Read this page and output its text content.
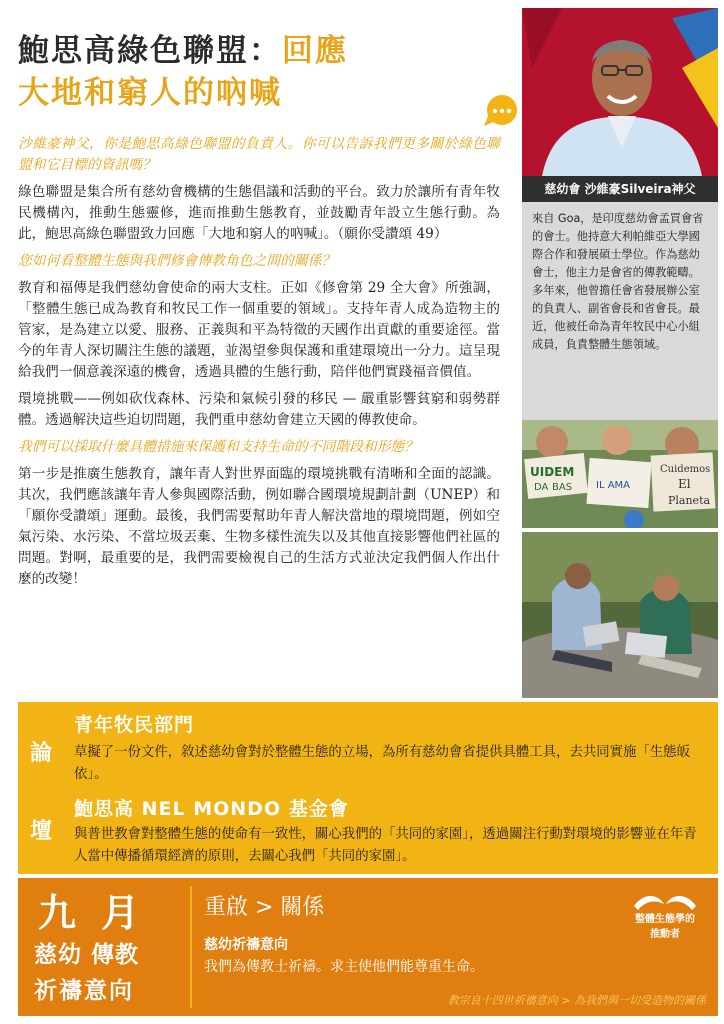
鮑思高綠色聯盟：回應
大地和窮人的吶喊

沙維豪神父，你是鮑思高綠色聯盟的負責人。你可以告訴我們更多關於綠色聯盟和它目標的資訊嗎？

綠色聯盟是集合所有慈幼會機構的生態倡議和活動的平台。致力於讓所有青年牧民機構內，推動生態靈修，進而推動生態教育，並鼓勵青年設立生態行動。為此，鮑思高綠色聯盟致力回應「大地和窮人的吶喊」。（願你受讚頌 49）

您如何看整體生態與我們修會傳教角色之間的關係？

教育和福傳是我們慈幼會使命的兩大支柱。正如《修會第 29 全大會》所強調，「整體生態已成為教育和牧民工作一個重要的領域」。支持年青人成為造物主的管家，是為建立以愛、服務、正義與和平為特徵的天國作出貢獻的重要途徑。當今的年青人深切關注生態的議題，並渴望參與保護和重建環境出一分力。這呈現給我們一個意義深遠的機會，透過具體的生態行動，陪伴他們實踐福音價值。

環境挑戰——例如砍伐森林、污染和氣候引發的移民 — 嚴重影響貧窮和弱勢群體。透過解決這些迫切問題，我們重申慈幼會建立天國的傳教使命。

我們可以採取什麼具體措施來保護和支持生命的不同階段和形態？

第一步是推廣生態教育，讓年青人對世界面臨的環境挑戰有清晰和全面的認識。其次，我們應該讓年青人參與國際活動，例如聯合國環境規劃計劃（UNEP）和「願你受讚頌」運動。最後，我們需要幫助年青人解決當地的環境問題，例如空氣污染、水污染、不當垃圾丟棄、生物多樣性流失以及其他直接影響他們社區的問題。對啊，最重要的是，我們需要檢視自己的生活方式並決定我們個人作出什麼的改變！

慈幼會 沙維豪Silveira神父
來自 Goa，是印度慈幼會孟買會省的會士。他持意大利帕維亞大學國際合作和發展碩士學位。作為慈幼會士，他主力是會省的傳教範疇。多年來，他曾擔任會省發展辦公室的負責人、副省會長和省會長。最近，他被任命為青年牧民中心小組成員，負責整體生態領域。
UIDEM
DA BAS IL AMA
Cuidemos
El
Planeta
論
壇
青年牧民部門
草擬了一份文件，敘述慈幼會對於整體生態的立場，為所有慈幼會省提供具體工具，去共同實施「生態皈依」。
鮑思高 NEL MONDO 基金會
與普世教會對整體生態的使命有一致性，關心我們的「共同的家園」，透過關注行動對環境的影響並在年青人當中傳播循環經濟的原則，去關心我們「共同的家園」。
九 月
慈幼 傳教
祈禱意向
重啟 > 關係
慈幼祈禱意向
我們為傳教士祈禱。求主使他們能尊重生命。
教宗良十四世祈禱意向 > 為我們與一切受造物的關係
整體生態學的
推動者
